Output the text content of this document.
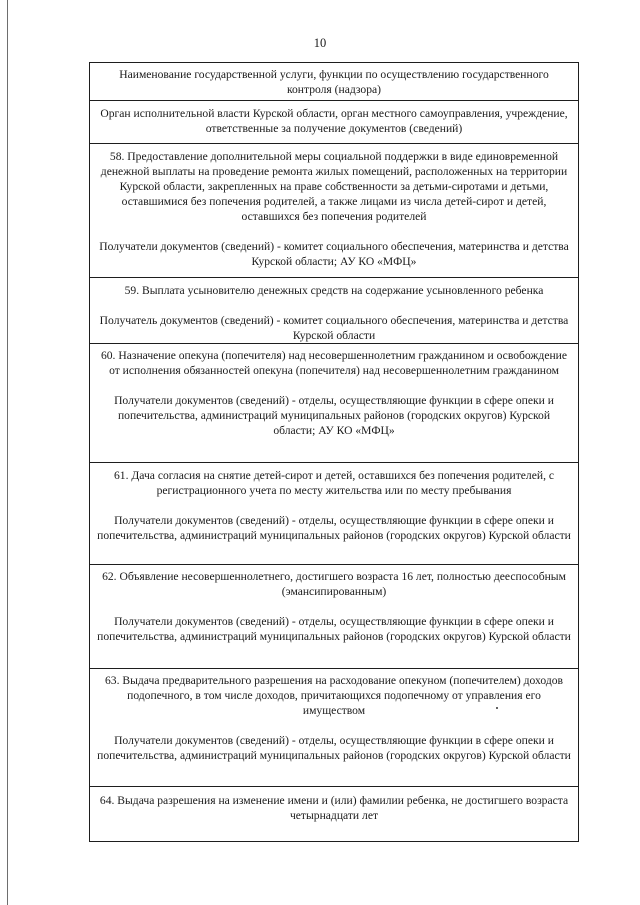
10

Наименование государственной услуги, функции по осуществлению государственного контроля (надзора)

Орган исполнительной власти Курской области, орган местного самоуправления, учреждение, ответственные за получение документов (сведений)

58. Предоставление дополнительной меры социальной поддержки в виде единовременной денежной выплаты на проведение ремонта жилых помещений, расположенных на территории Курской области, закрепленных на праве собственности за детьми-сиротами и детьми, оставшимися без попечения родителей, а также лицами из числа детей-сирот и детей, оставшихся без попечения родителей

Получатели документов (сведений) - комитет социального обеспечения, материнства и детства Курской области; АУ КО «МФЦ»

59. Выплата усыновителю денежных средств на содержание усыновленного ребенка

Получатель документов (сведений) - комитет социального обеспечения, материнства и детства Курской области

60. Назначение опекуна (попечителя) над несовершеннолетним гражданином и освобождение от исполнения обязанностей опекуна (попечителя) над несовершеннолетним гражданином

Получатели документов (сведений) - отделы, осуществляющие функции в сфере опеки и попечительства, администраций муниципальных районов (городских округов) Курской области; АУ КО «МФЦ»

61. Дача согласия на снятие детей-сирот и детей, оставшихся без попечения родителей, с регистрационного учета по месту жительства или по месту пребывания

Получатели документов (сведений) - отделы, осуществляющие функции в сфере опеки и попечительства, администраций муниципальных районов (городских округов) Курской области

62. Объявление несовершеннолетнего, достигшего возраста 16 лет, полностью дееспособным (эмансипированным)

Получатели документов (сведений) - отделы, осуществляющие функции в сфере опеки и попечительства, администраций муниципальных районов (городских округов) Курской области

63. Выдача предварительного разрешения на расходование опекуном (попечителем) доходов подопечного, в том числе доходов, причитающихся подопечному от управления его имуществом

Получатели документов (сведений) - отделы, осуществляющие функции в сфере опеки и попечительства, администраций муниципальных районов (городских округов) Курской области

64. Выдача разрешения на изменение имени и (или) фамилии ребенка, не достигшего возраста четырнадцати лет
